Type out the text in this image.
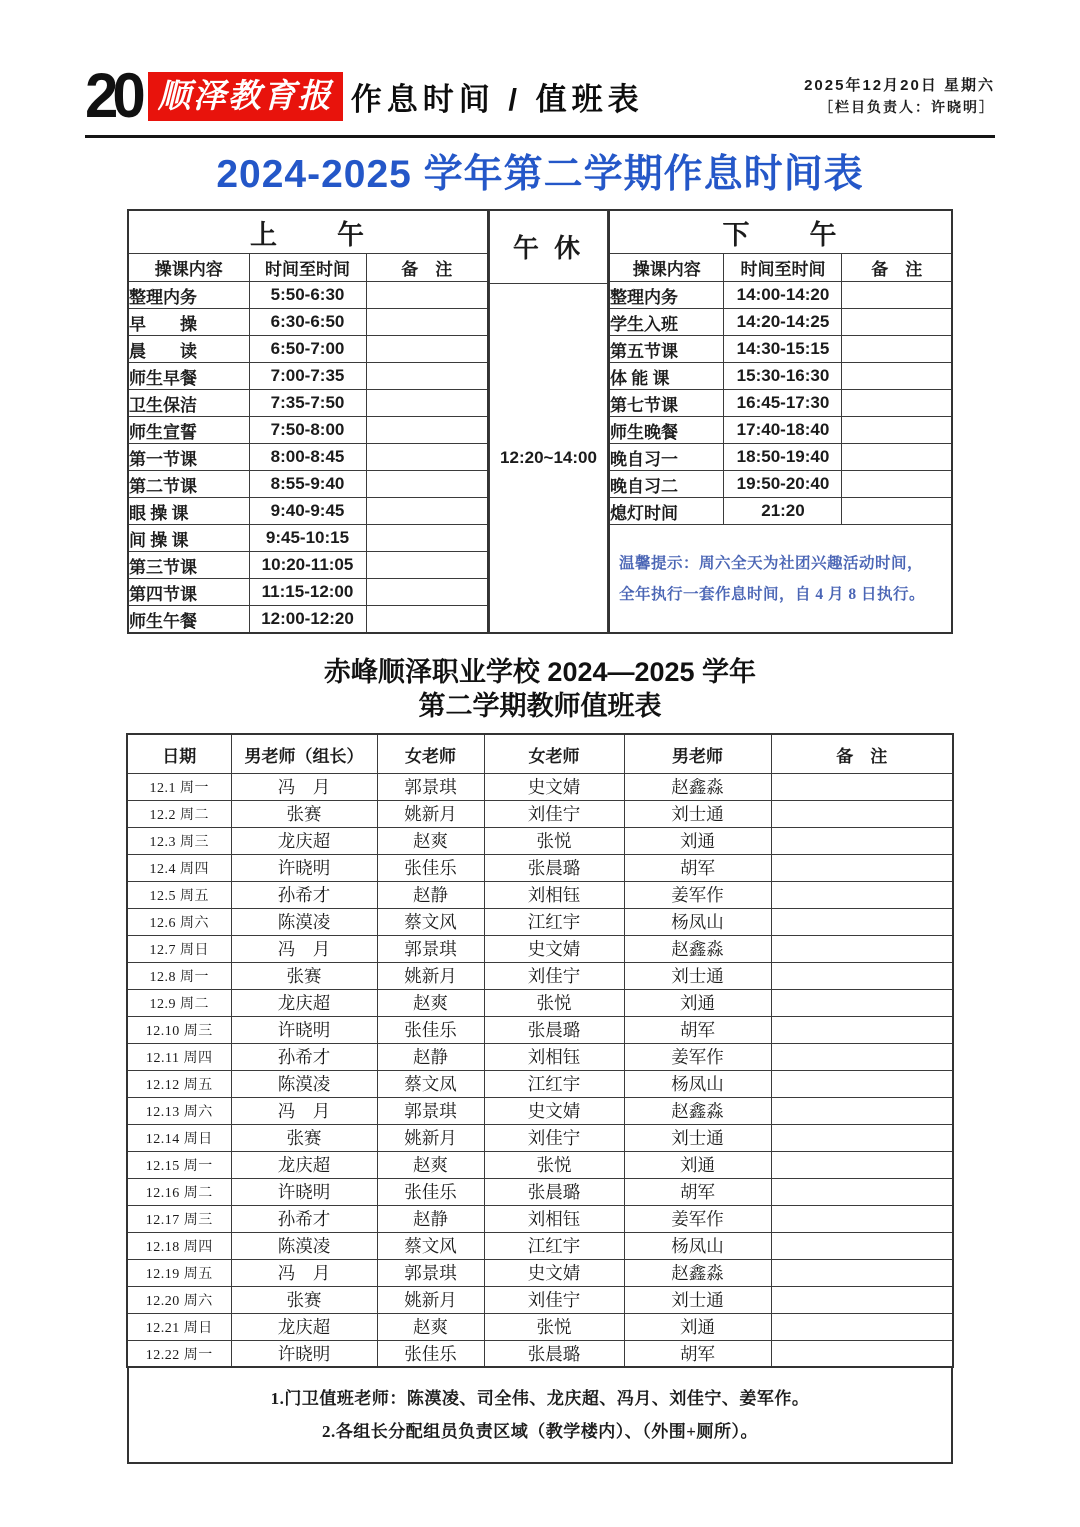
20 顺泽教育报 作息时间 / 值班表	2025年12月20日 星期六
［栏目负责人：许晓明］
2024-2025 学年第二学期作息时间表
上　　午		
操课内容	时间至时间	备　注
整理内务	5:50-6:30	
早　　操	6:30-6:50	
晨　　读	6:50-7:00	
师生早餐	7:00-7:35	
卫生保洁	7:35-7:50	
师生宣誓	7:50-8:00	
第一节课	8:00-8:45	
第二节课	8:55-9:40	
眼 操 课	9:40-9:45	
间 操 课	9:45-10:15	
第三节课	10:20-11:05	
第四节课	11:15-12:00	
师生午餐	12:00-12:20	
午 休
12:20~14:00
下　　午		
操课内容	时间至时间	备　注
整理内务	14:00-14:20	
学生入班	14:20-14:25	
第五节课	14:30-15:15	
体 能 课	15:30-16:30	
第七节课	16:45-17:30	
师生晚餐	17:40-18:40	
晚自习一	18:50-19:40	
晚自习二	19:50-20:40	
熄灯时间	21:20	

温馨提示：周六全天为社团兴趣活动时间，
全年执行一套作息时间，自 4 月 8 日执行。		
赤峰顺泽职业学校 2024—2025 学年
第二学期教师值班表
日期	男老师（组长）	女老师	女老师	男老师	备　注
12.1 周一	冯　月	郭景琪	史文婧	赵鑫淼	
12.2 周二	张赛	姚新月	刘佳宁	刘士通	
12.3 周三	龙庆超	赵爽	张悦	刘通	
12.4 周四	许晓明	张佳乐	张晨璐	胡军	
12.5 周五	孙希才	赵静	刘相钰	姜军作	
12.6 周六	陈漠凌	蔡文风	江红宇	杨凤山	
12.7 周日	冯　月	郭景琪	史文婧	赵鑫淼	
12.8 周一	张赛	姚新月	刘佳宁	刘士通	
12.9 周二	龙庆超	赵爽	张悦	刘通	
12.10 周三	许晓明	张佳乐	张晨璐	胡军	
12.11 周四	孙希才	赵静	刘相钰	姜军作	
12.12 周五	陈漠凌	蔡文凤	江红宇	杨凤山	
12.13 周六	冯　月	郭景琪	史文婧	赵鑫淼	
12.14 周日	张赛	姚新月	刘佳宁	刘士通	
12.15 周一	龙庆超	赵爽	张悦	刘通	
12.16 周二	许晓明	张佳乐	张晨璐	胡军	
12.17 周三	孙希才	赵静	刘相钰	姜军作	
12.18 周四	陈漠凌	蔡文风	江红宇	杨凤山	
12.19 周五	冯　月	郭景琪	史文婧	赵鑫淼	
12.20 周六	张赛	姚新月	刘佳宁	刘士通	
12.21 周日	龙庆超	赵爽	张悦	刘通	
12.22 周一	许晓明	张佳乐	张晨璐	胡军	
1.门卫值班老师：陈漠凌、司全伟、龙庆超、冯月、刘佳宁、姜军作。
2.各组长分配组员负责区域（教学楼内）、（外围+厕所）。
